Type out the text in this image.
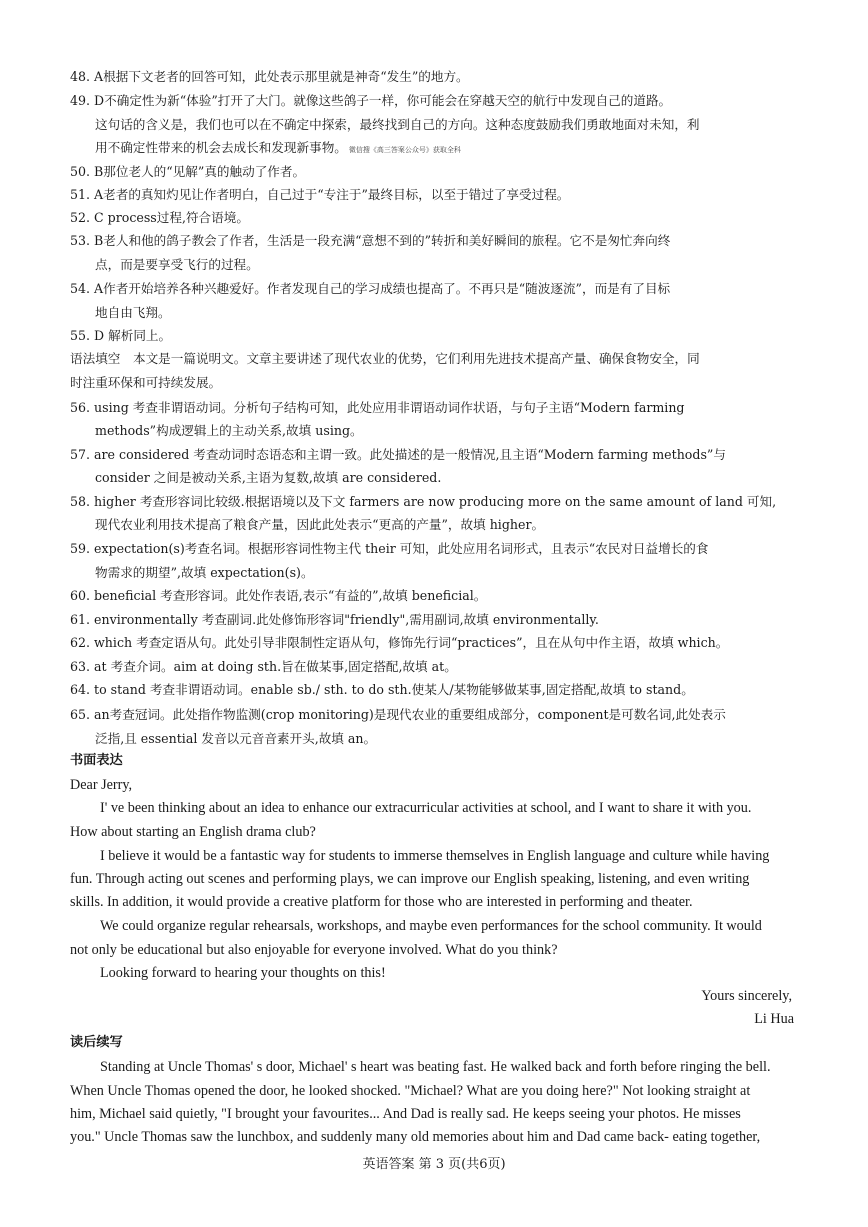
48. A根据下文老者的回答可知，此处表示那里就是神奇“发生”的地方。
49. D不确定性为新“体验”打开了大门。就像这些鸽子一样，你可能会在穿越天空的航行中发现自己的道路。
这句话的含义是，我们也可以在不确定中探索，最终找到自己的方向。这种态度鼓励我们勇敢地面对未知，利
用不确定性带来的机会去成长和发现新事物。 微信搜《高三答案公众号》获取全科
50. B那位老人的“见解”真的触动了作者。
51. A老者的真知灼见让作者明白，自己过于“专注于”最终目标，以至于错过了享受过程。
52. C process过程,符合语境。
53. B老人和他的鸽子教会了作者，生活是一段充满“意想不到的”转折和美好瞬间的旅程。它不是匆忙奔向终
点，而是要享受飞行的过程。
54. A作者开始培养各种兴趣爱好。作者发现自己的学习成绩也提高了。不再只是“随波逐流”，而是有了目标
地自由飞翔。
55. D 解析同上。
语法填空　本文是一篇说明文。文章主要讲述了现代农业的优势，它们利用先进技术提高产量、确保食物安全，同
时注重环保和可持续发展。
56. using 考查非谓语动词。分析句子结构可知，此处应用非谓语动词作状语，与句子主语“Modern farming
methods”构成逻辑上的主动关系,故填 using。
57. are considered 考查动词时态语态和主谓一致。此处描述的是一般情况,且主语“Modern farming methods”与
consider 之间是被动关系,主语为复数,故填 are considered.
58. higher 考查形容词比较级.根据语境以及下文 farmers are now producing more on the same amount of land 可知,
现代农业利用技术提高了粮食产量，因此此处表示“更高的产量”，故填 higher。
59. expectation(s)考查名词。根据形容词性物主代 their 可知，此处应用名词形式，且表示“农民对日益增长的食
物需求的期望”,故填 expectation(s)。
60. beneficial 考查形容词。此处作表语,表示“有益的”,故填 beneficial。
61. environmentally 考查副词.此处修饰形容词"friendly",需用副词,故填 environmentally.
62. which 考查定语从句。此处引导非限制性定语从句，修饰先行词“practices”，且在从句中作主语，故填 which。
63. at 考查介词。aim at doing sth.旨在做某事,固定搭配,故填 at。
64. to stand 考查非谓语动词。enable sb./ sth. to do sth.使某人/某物能够做某事,固定搭配,故填 to stand。
65. an考查冠词。此处指作物监测(crop monitoring)是现代农业的重要组成部分，component是可数名词,此处表示
泛指,且 essential 发音以元音音素开头,故填 an。
书面表达
Dear Jerry,
I' ve been thinking about an idea to enhance our extracurricular activities at school, and I want to share it with you.
How about starting an English drama club?
I believe it would be a fantastic way for students to immerse themselves in English language and culture while having
fun. Through acting out scenes and performing plays, we can improve our English speaking, listening, and even writing
skills. In addition, it would provide a creative platform for those who are interested in performing and theater.
We could organize regular rehearsals, workshops, and maybe even performances for the school community. It would
not only be educational but also enjoyable for everyone involved. What do you think?
Looking forward to hearing your thoughts on this!
Yours sincerely,
Li Hua
读后续写
Standing at Uncle Thomas' s door, Michael' s heart was beating fast. He walked back and forth before ringing the bell.
When Uncle Thomas opened the door, he looked shocked. "Michael? What are you doing here?" Not looking straight at
him, Michael said quietly, "I brought your favourites... And Dad is really sad. He keeps seeing your photos. He misses
you." Uncle Thomas saw the lunchbox, and suddenly many old memories about him and Dad came back- eating together,
英语答案 第 3 页(共6页)
